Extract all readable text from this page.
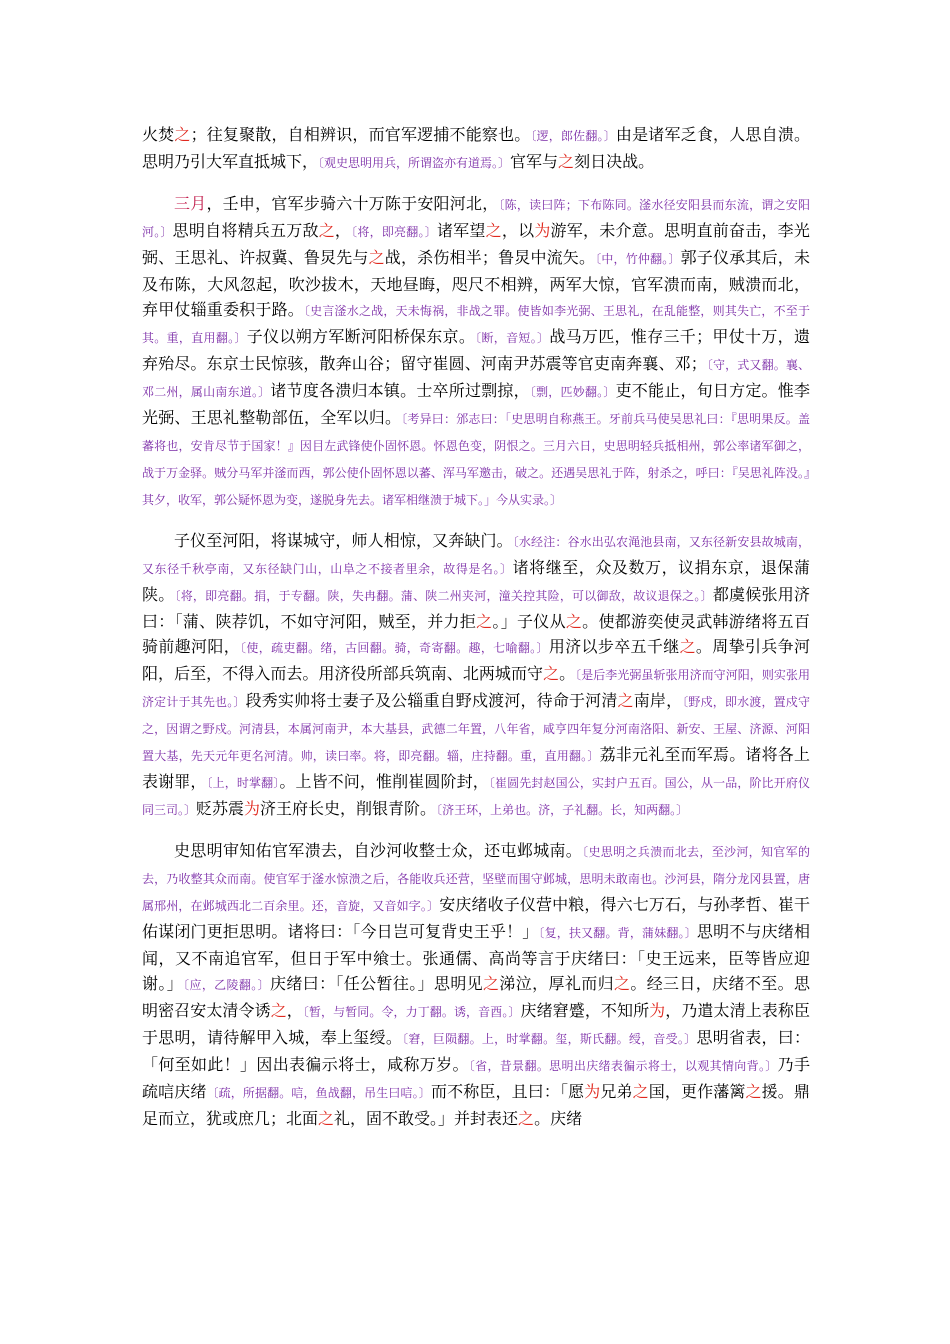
火焚之；往复聚散，自相辨识，而官军逻捕不能察也。〔逻，郎佐翻。〕由是诸军乏食，人思自溃。思明乃引大军直抵城下，〔观史思明用兵，所谓盗亦有道焉。〕官军与之刻日决战。

三月，壬申，官军步骑六十万陈于安阳河北，〔陈，读曰阵；下布陈同。滏水径安阳县而东流，谓之安阳河。〕思明自将精兵五万敌之，〔将，即亮翻。〕诸军望之，以为游军，未介意。思明直前奋击，李光弼、王思礼、许叔冀、鲁炅先与之战，杀伤相半；鲁炅中流矢。〔中，竹仲翻。〕郭子仪承其后，未及布陈，大风忽起，吹沙拔木，天地昼晦，咫尺不相辨，两军大惊，官军溃而南，贼溃而北，弃甲仗辎重委积于路。〔史言滏水之战，天未悔祸，非战之罪。使皆如李光弼、王思礼，在乱能整，则其失亡，不至于其。重，直用翻。〕子仪以朔方军断河阳桥保东京。〔断，音短。〕战马万匹，惟存三千；甲仗十万，遗弃殆尽。东京士民惊骇，散奔山谷；留守崔圆、河南尹苏震等官吏南奔襄、邓；〔守，式又翻。襄、邓二州，属山南东道。〕诸节度各溃归本镇。士卒所过剽掠，〔剽，匹妙翻。〕吏不能止，旬日方定。惟李光弼、王思礼整勒部伍，全军以归。〔考异曰：邠志曰：「史思明自称燕王。牙前兵马使吴思礼曰：『思明果反。盖蕃将也，安肯尽节于国家！』因目左武锋使仆固怀恩。怀恩色变，阴恨之。三月六日，史思明轻兵抵相州，郭公率诸军御之，战于万金驿。贼分马军并滏而西，郭公使仆固怀恩以蕃、浑马军邀击，破之。还遇吴思礼于阵，射杀之，呼曰：『吴思礼阵没。』其夕，收军，郭公疑怀恩为变，遂脱身先去。诸军相继溃于城下。」今从实录。〕

子仪至河阳，将谋城守，师人相惊，又奔缺门。〔水经注：谷水出弘农渑池县南，又东径新安县故城南，又东径千秋亭南，又东径缺门山，山阜之不接者里余，故得是名。〕诸将继至，众及数万，议捐东京，退保蒲陕。〔将，即亮翻。捐，于专翻。陕，失冉翻。蒲、陕二州夹河，潼关控其险，可以御敌，故议退保之。〕都虞候张用济曰：「蒲、陕荐饥，不如守河阳，贼至，并力拒之。」子仪从之。使都游奕使灵武韩游绪将五百骑前趣河阳，〔使，疏吏翻。绪，古回翻。骑，奇寄翻。趣，七喻翻。〕用济以步卒五千继之。周挚引兵争河阳，后至，不得入而去。用济役所部兵筑南、北两城而守之。〔是后李光弼虽斩张用济而守河阳，则实张用济定计于其先也。〕段秀实帅将士妻子及公辎重自野戍渡河，待命于河清之南岸，〔野戍，即水渡，置戍守之，因谓之野戍。河清县，本属河南尹，本大基县，武德二年置，八年省，咸亨四年复分河南洛阳、新安、王屋、济源、河阳置大基，先天元年更名河清。帅，读曰率。将，即亮翻。辎，庄持翻。重，直用翻。〕荔非元礼至而军焉。诸将各上表谢罪，〔上，时掌翻〕。上皆不问，惟削崔圆阶封，〔崔圆先封赵国公，实封户五百。国公，从一品，阶比开府仪同三司。〕贬苏震为济王府长史，削银青阶。〔济王环，上弟也。济，子礼翻。长，知两翻。〕

史思明审知佑官军溃去，自沙河收整士众，还屯邺城南。〔史思明之兵溃而北去，至沙河，知官军的去，乃收整其众而南。使官军于滏水惊溃之后，各能收兵还营，坚壁而围守邺城，思明未敢南也。沙河县，隋分龙冈县置，唐属邢州，在邺城西北二百余里。还，音旋，又音如字。〕安庆绪收子仪营中粮，得六七万石，与孙孝哲、崔干佑谋闭门更拒思明。诸将曰：「今日岂可复背史王乎！」〔复，扶又翻。背，蒲妹翻。〕思明不与庆绪相闻，又不南追官军，但日于军中飨士。张通儒、高尚等言于庆绪曰：「史王远来，臣等皆应迎谢。」〔应，乙陵翻。〕庆绪曰：「任公暂往。」思明见之涕泣，厚礼而归之。经三日，庆绪不至。思明密召安太清令诱之，〔暂，与暂同。令，力丁翻。诱，音酉。〕庆绪窘蹙，不知所为，乃遣太清上表称臣于思明，请待解甲入城，奉上玺绶。〔窘，巨陨翻。上，时掌翻。玺，斯氏翻。绶，音受。〕思明省表，曰：「何至如此！」因出表徧示将士，咸称万岁。〔省，昔景翻。思明出庆绪表徧示将士，以观其情向背。〕乃手疏唁庆绪〔疏，所据翻。唁，鱼战翻，吊生曰唁。〕而不称臣，且曰：「愿为兄弟之国，更作藩篱之援。鼎足而立，犹或庶几；北面之礼，固不敢受。」并封表还之。庆绪
